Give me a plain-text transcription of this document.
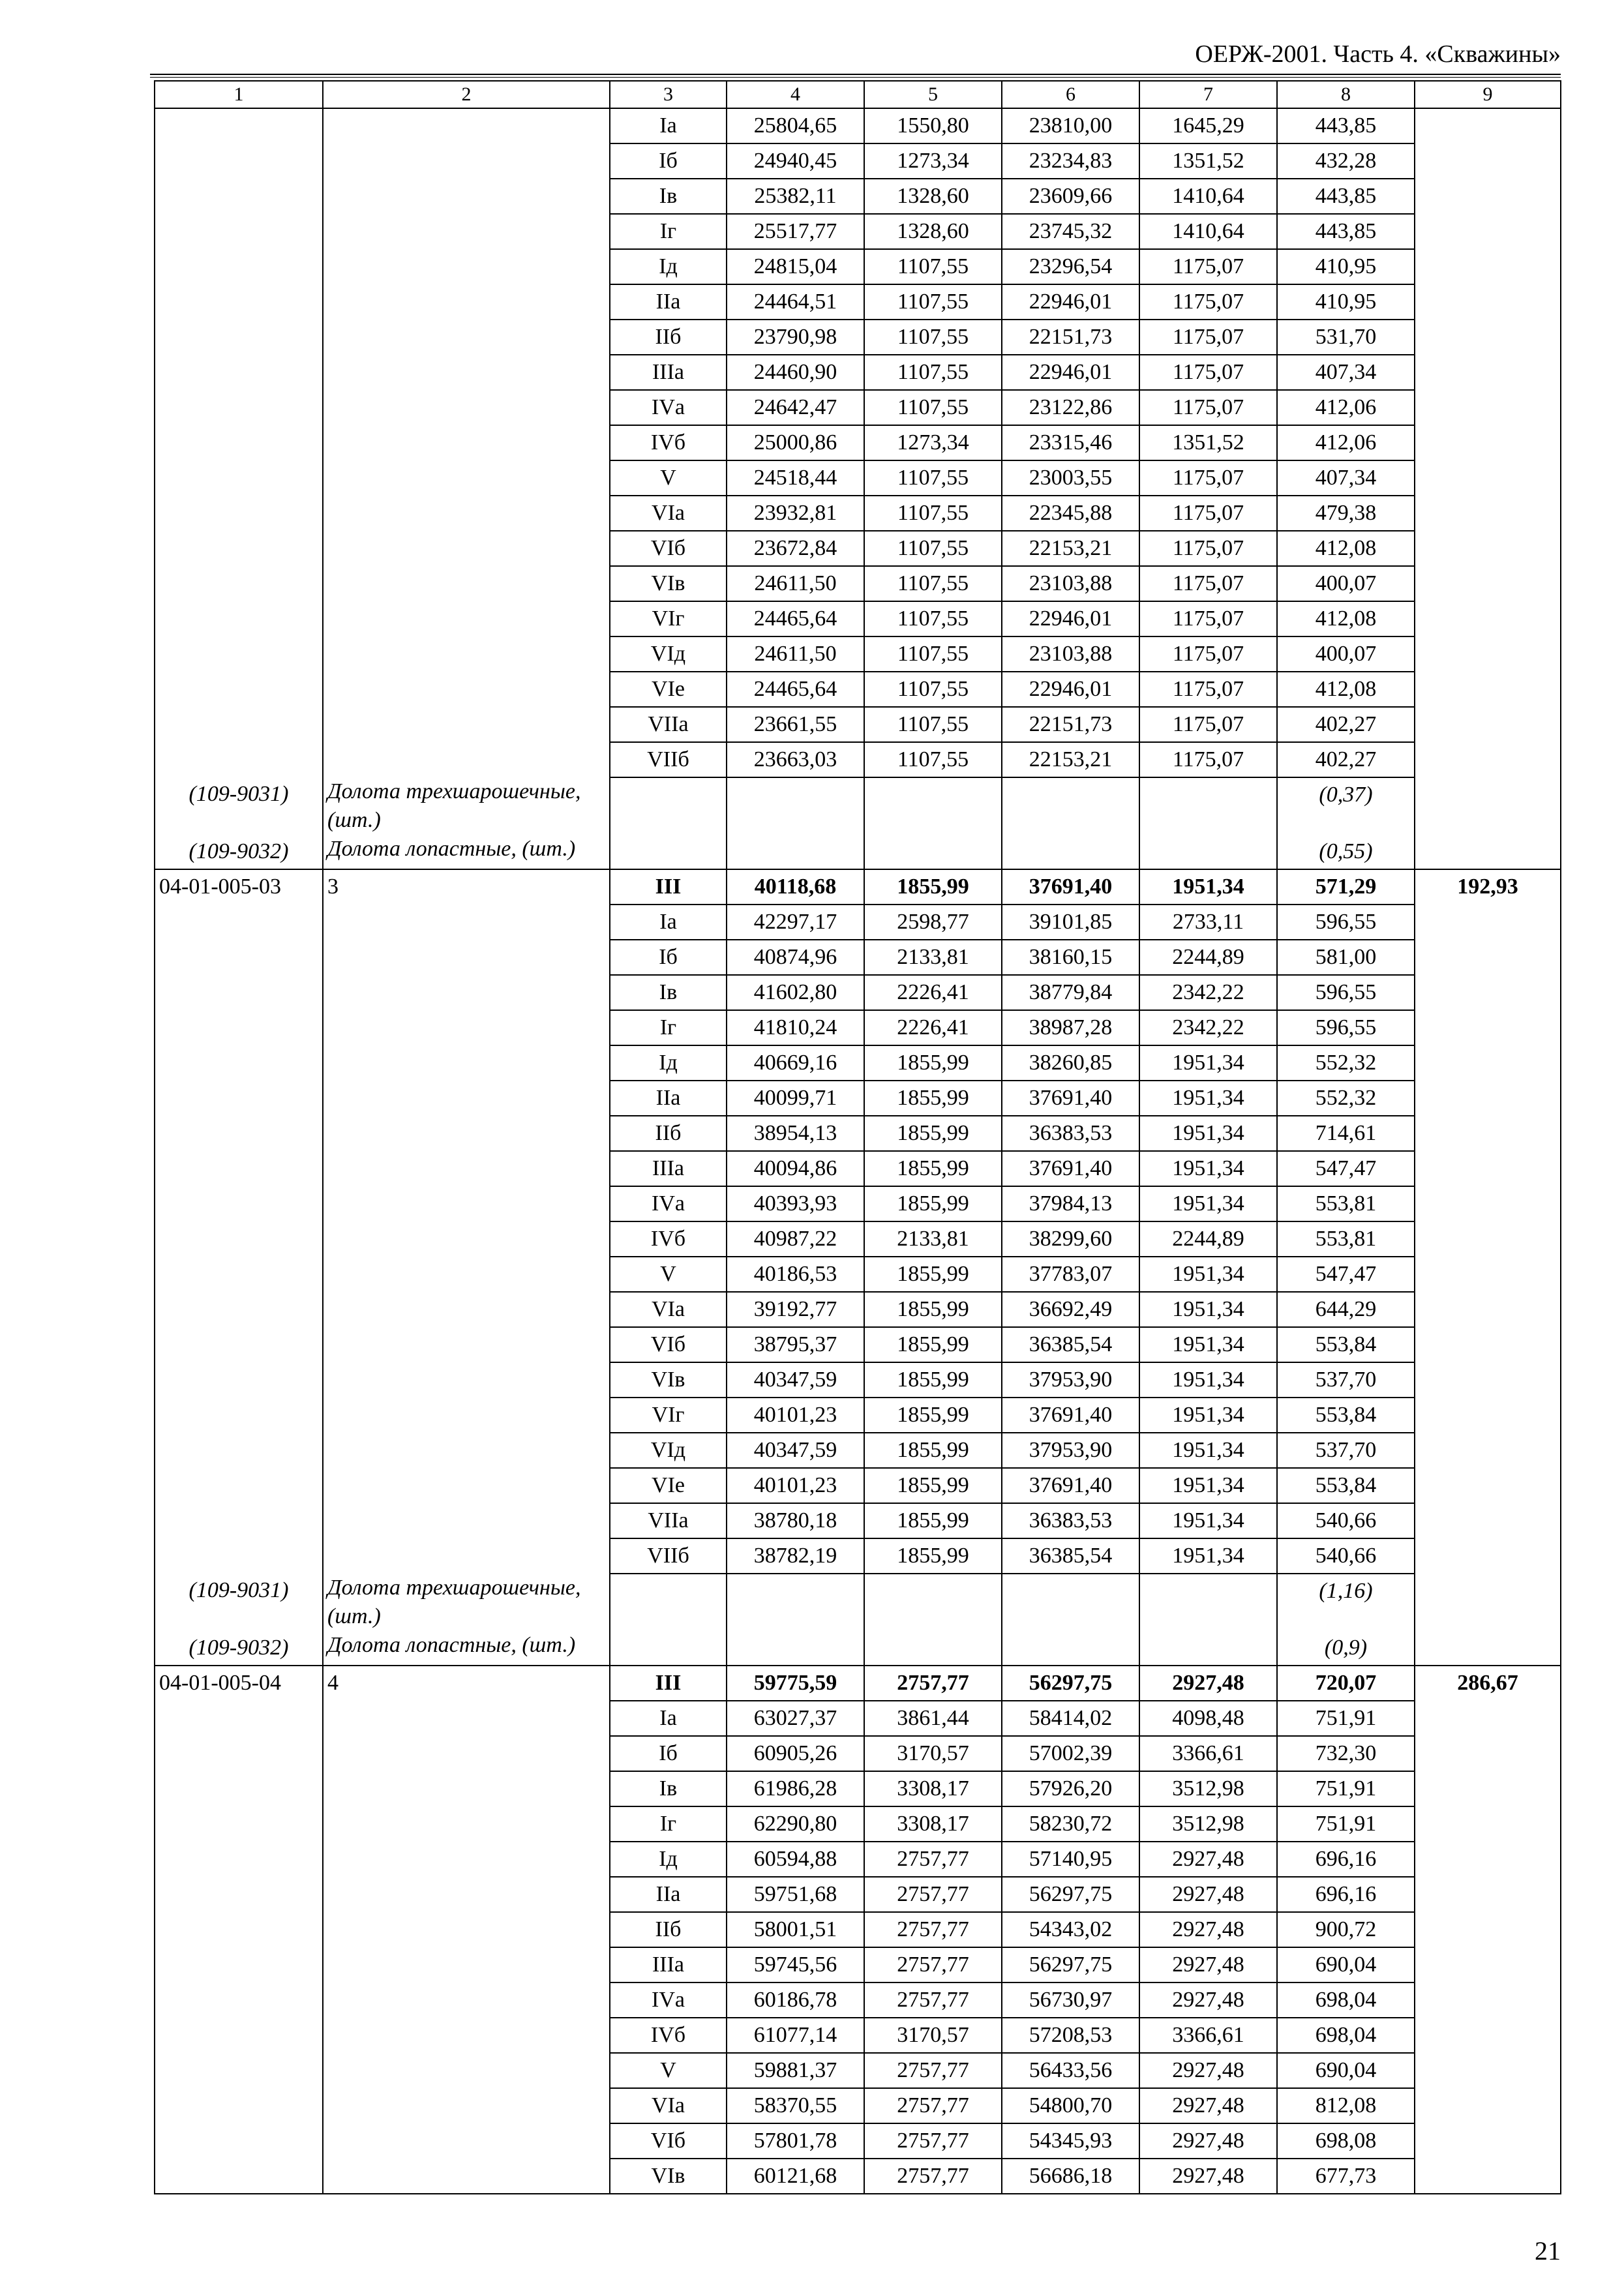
ОЕРЖ-2001. Часть 4. «Скважины»
1	2	3	4	5	6	7	8	9
		Iа	25804,65	1550,80	23810,00	1645,29	443,85	
		Iб	24940,45	1273,34	23234,83	1351,52	432,28	
		Iв	25382,11	1328,60	23609,66	1410,64	443,85	
		Iг	25517,77	1328,60	23745,32	1410,64	443,85	
		Iд	24815,04	1107,55	23296,54	1175,07	410,95	
		IIа	24464,51	1107,55	22946,01	1175,07	410,95	
		IIб	23790,98	1107,55	22151,73	1175,07	531,70	
		IIIа	24460,90	1107,55	22946,01	1175,07	407,34	
		IVа	24642,47	1107,55	23122,86	1175,07	412,06	
		IVб	25000,86	1273,34	23315,46	1351,52	412,06	
		V	24518,44	1107,55	23003,55	1175,07	407,34	
		VIа	23932,81	1107,55	22345,88	1175,07	479,38	
		VIб	23672,84	1107,55	22153,21	1175,07	412,08	
		VIв	24611,50	1107,55	23103,88	1175,07	400,07	
		VIг	24465,64	1107,55	22946,01	1175,07	412,08	
		VIд	24611,50	1107,55	23103,88	1175,07	400,07	
		VIе	24465,64	1107,55	22946,01	1175,07	412,08	
		VIIа	23661,55	1107,55	22151,73	1175,07	402,27	
		VIIб	23663,03	1107,55	22153,21	1175,07	402,27	
(109-9031)	Долота трехшарошечные, (шт.)						(0,37)	
(109-9032)	Долота лопастные, (шт.)						(0,55)	
04-01-005-03	3	III	40118,68	1855,99	37691,40	1951,34	571,29	192,93
		Iа	42297,17	2598,77	39101,85	2733,11	596,55	
		Iб	40874,96	2133,81	38160,15	2244,89	581,00	
		Iв	41602,80	2226,41	38779,84	2342,22	596,55	
		Iг	41810,24	2226,41	38987,28	2342,22	596,55	
		Iд	40669,16	1855,99	38260,85	1951,34	552,32	
		IIа	40099,71	1855,99	37691,40	1951,34	552,32	
		IIб	38954,13	1855,99	36383,53	1951,34	714,61	
		IIIа	40094,86	1855,99	37691,40	1951,34	547,47	
		IVа	40393,93	1855,99	37984,13	1951,34	553,81	
		IVб	40987,22	2133,81	38299,60	2244,89	553,81	
		V	40186,53	1855,99	37783,07	1951,34	547,47	
		VIа	39192,77	1855,99	36692,49	1951,34	644,29	
		VIб	38795,37	1855,99	36385,54	1951,34	553,84	
		VIв	40347,59	1855,99	37953,90	1951,34	537,70	
		VIг	40101,23	1855,99	37691,40	1951,34	553,84	
		VIд	40347,59	1855,99	37953,90	1951,34	537,70	
		VIе	40101,23	1855,99	37691,40	1951,34	553,84	
		VIIа	38780,18	1855,99	36383,53	1951,34	540,66	
		VIIб	38782,19	1855,99	36385,54	1951,34	540,66	
(109-9031)	Долота трехшарошечные, (шт.)						(1,16)	
(109-9032)	Долота лопастные, (шт.)						(0,9)	
04-01-005-04	4	III	59775,59	2757,77	56297,75	2927,48	720,07	286,67
		Iа	63027,37	3861,44	58414,02	4098,48	751,91	
		Iб	60905,26	3170,57	57002,39	3366,61	732,30	
		Iв	61986,28	3308,17	57926,20	3512,98	751,91	
		Iг	62290,80	3308,17	58230,72	3512,98	751,91	
		Iд	60594,88	2757,77	57140,95	2927,48	696,16	
		IIа	59751,68	2757,77	56297,75	2927,48	696,16	
		IIб	58001,51	2757,77	54343,02	2927,48	900,72	
		IIIа	59745,56	2757,77	56297,75	2927,48	690,04	
		IVа	60186,78	2757,77	56730,97	2927,48	698,04	
		IVб	61077,14	3170,57	57208,53	3366,61	698,04	
		V	59881,37	2757,77	56433,56	2927,48	690,04	
		VIа	58370,55	2757,77	54800,70	2927,48	812,08	
		VIб	57801,78	2757,77	54345,93	2927,48	698,08	
		VIв	60121,68	2757,77	56686,18	2927,48	677,73	
21
